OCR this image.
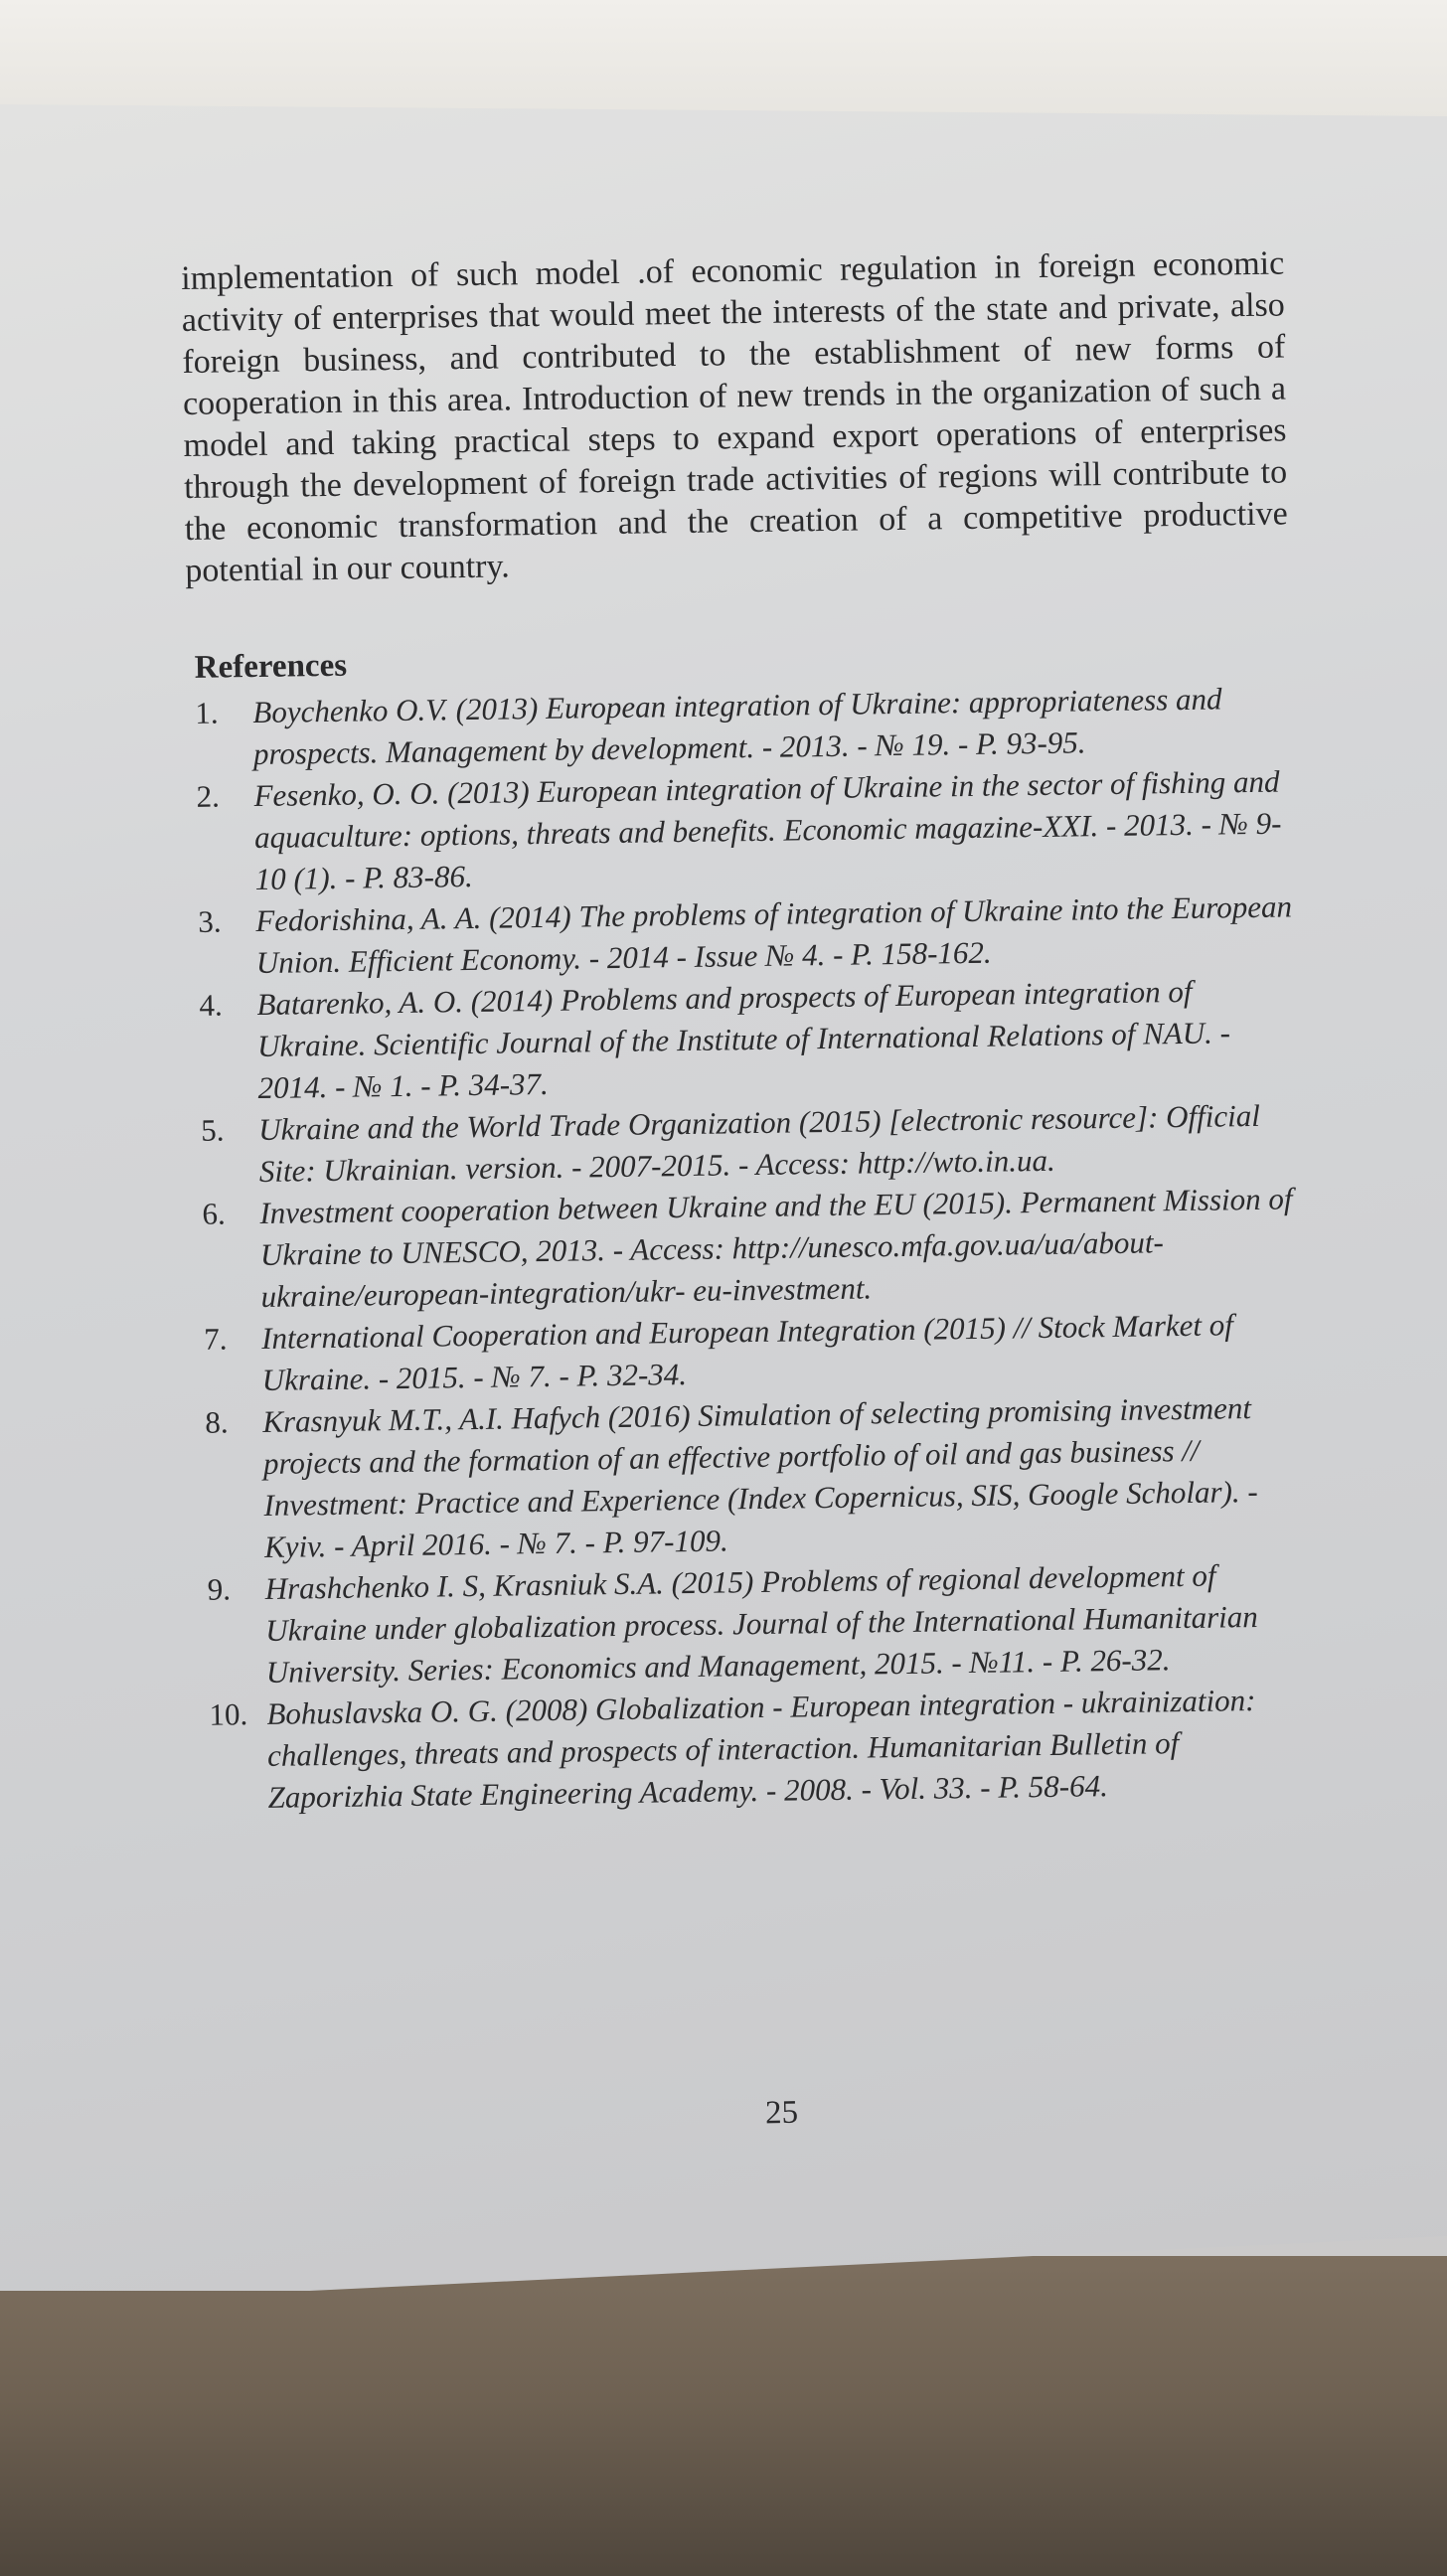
implementation of such model .of economic regulation in foreign economic activity of enterprises that would meet the interests of the state and private, also foreign business, and contributed to the establishment of new forms of cooperation in this area. Introduction of new trends in the organization of such a model and taking practical steps to expand export operations of enterprises through the development of foreign trade activities of regions will contribute to the economic transformation and the creation of a competitive productive potential in our country.

References
1. Boychenko O.V. (2013) European integration of Ukraine: appropriateness and prospects. Management by development. - 2013. - № 19. - P. 93-95.
2. Fesenko, O. O. (2013) European integration of Ukraine in the sector of fishing and aquaculture: options, threats and benefits. Economic magazine-XXI. - 2013. - № 9-10 (1). - P. 83-86.
3. Fedorishina, A. A. (2014) The problems of integration of Ukraine into the European Union. Efficient Economy. - 2014 - Issue № 4. - P. 158-162.
4. Batarenko, A. O. (2014) Problems and prospects of European integration of Ukraine. Scientific Journal of the Institute of International Relations of NAU. - 2014. - № 1. - P. 34-37.
5. Ukraine and the World Trade Organization (2015) [electronic resource]: Official Site: Ukrainian. version. - 2007-2015. - Access: http://wto.in.ua.
6. Investment cooperation between Ukraine and the EU (2015). Permanent Mission of Ukraine to UNESCO, 2013. - Access: http://unesco.mfa.gov.ua/ua/about-ukraine/european-integration/ukr- eu-investment.
7. International Cooperation and European Integration (2015) // Stock Market of Ukraine. - 2015. - № 7. - P. 32-34.
8. Krasnyuk M.T., A.I. Hafych (2016) Simulation of selecting promising investment projects and the formation of an effective portfolio of oil and gas business // Investment: Practice and Experience (Index Copernicus, SIS, Google Scholar). - Kyiv. - April 2016. - № 7. - P. 97-109.
9. Hrashchenko I. S, Krasniuk S.A. (2015) Problems of regional development of Ukraine under globalization process. Journal of the International Humanitarian University. Series: Economics and Management, 2015. - №11. - P. 26-32.
10. Bohuslavska O. G. (2008) Globalization - European integration - ukrainization: challenges, threats and prospects of interaction. Humanitarian Bulletin of Zaporizhia State Engineering Academy. - 2008. - Vol. 33. - P. 58-64.
25
